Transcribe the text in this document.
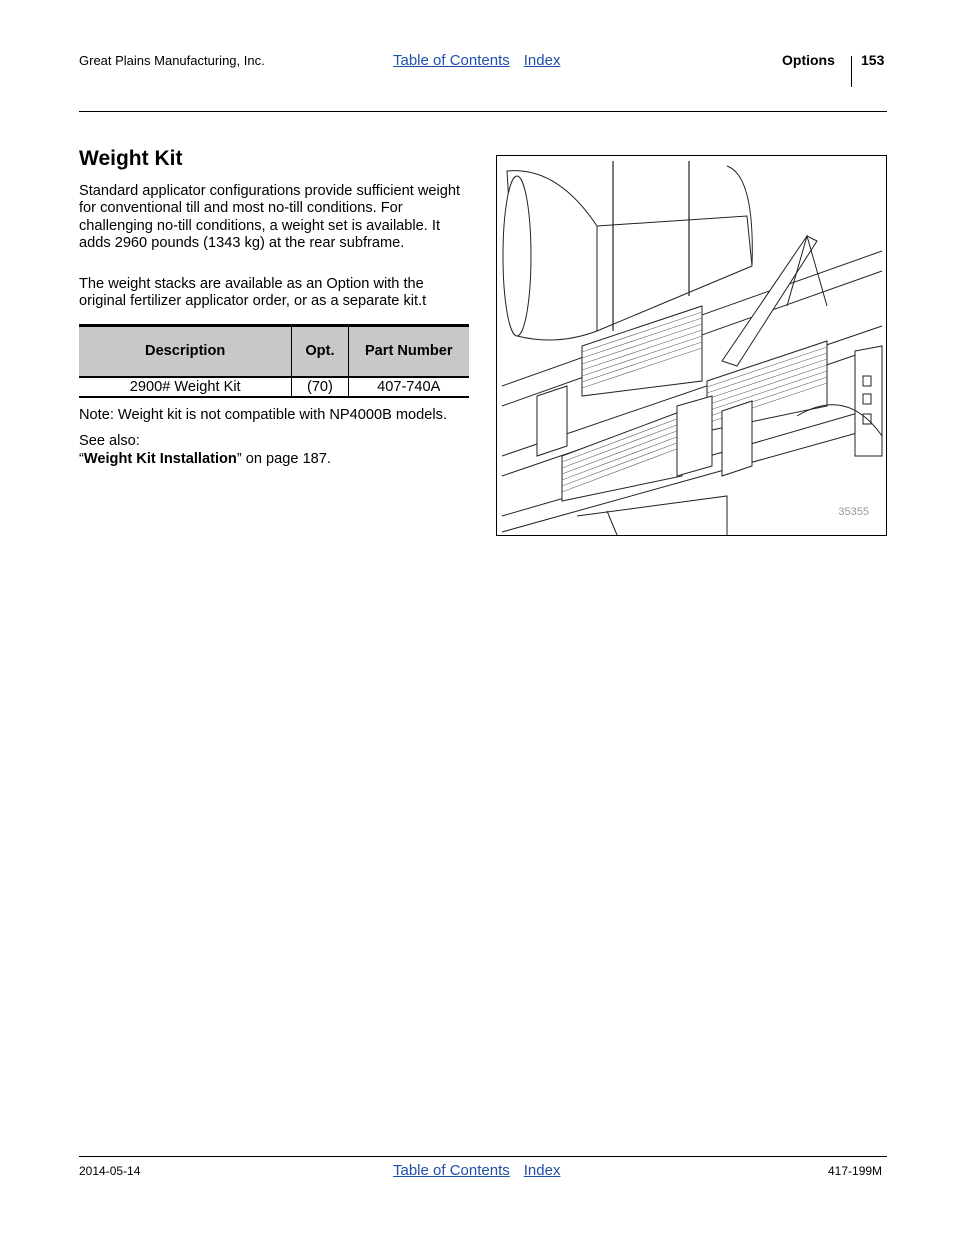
Great Plains Manufacturing, Inc.	Table of Contents Index	Options 153
Weight Kit

Standard applicator configurations provide sufficient weight for conventional till and most no-till conditions. For challenging no-till conditions, a weight set is available. It adds 2960 pounds (1343 kg) at the rear subframe.

The weight stacks are available as an Option with the original fertilizer applicator order, or as a separate kit.t

Description	Opt.	Part Number
2900# Weight Kit	(70)	407-740A
Note: Weight kit is not compatible with NP4000B models.
See also:
“Weight Kit Installation” on page 187.
35355
2014-05-14	Table of Contents Index	417-199M
